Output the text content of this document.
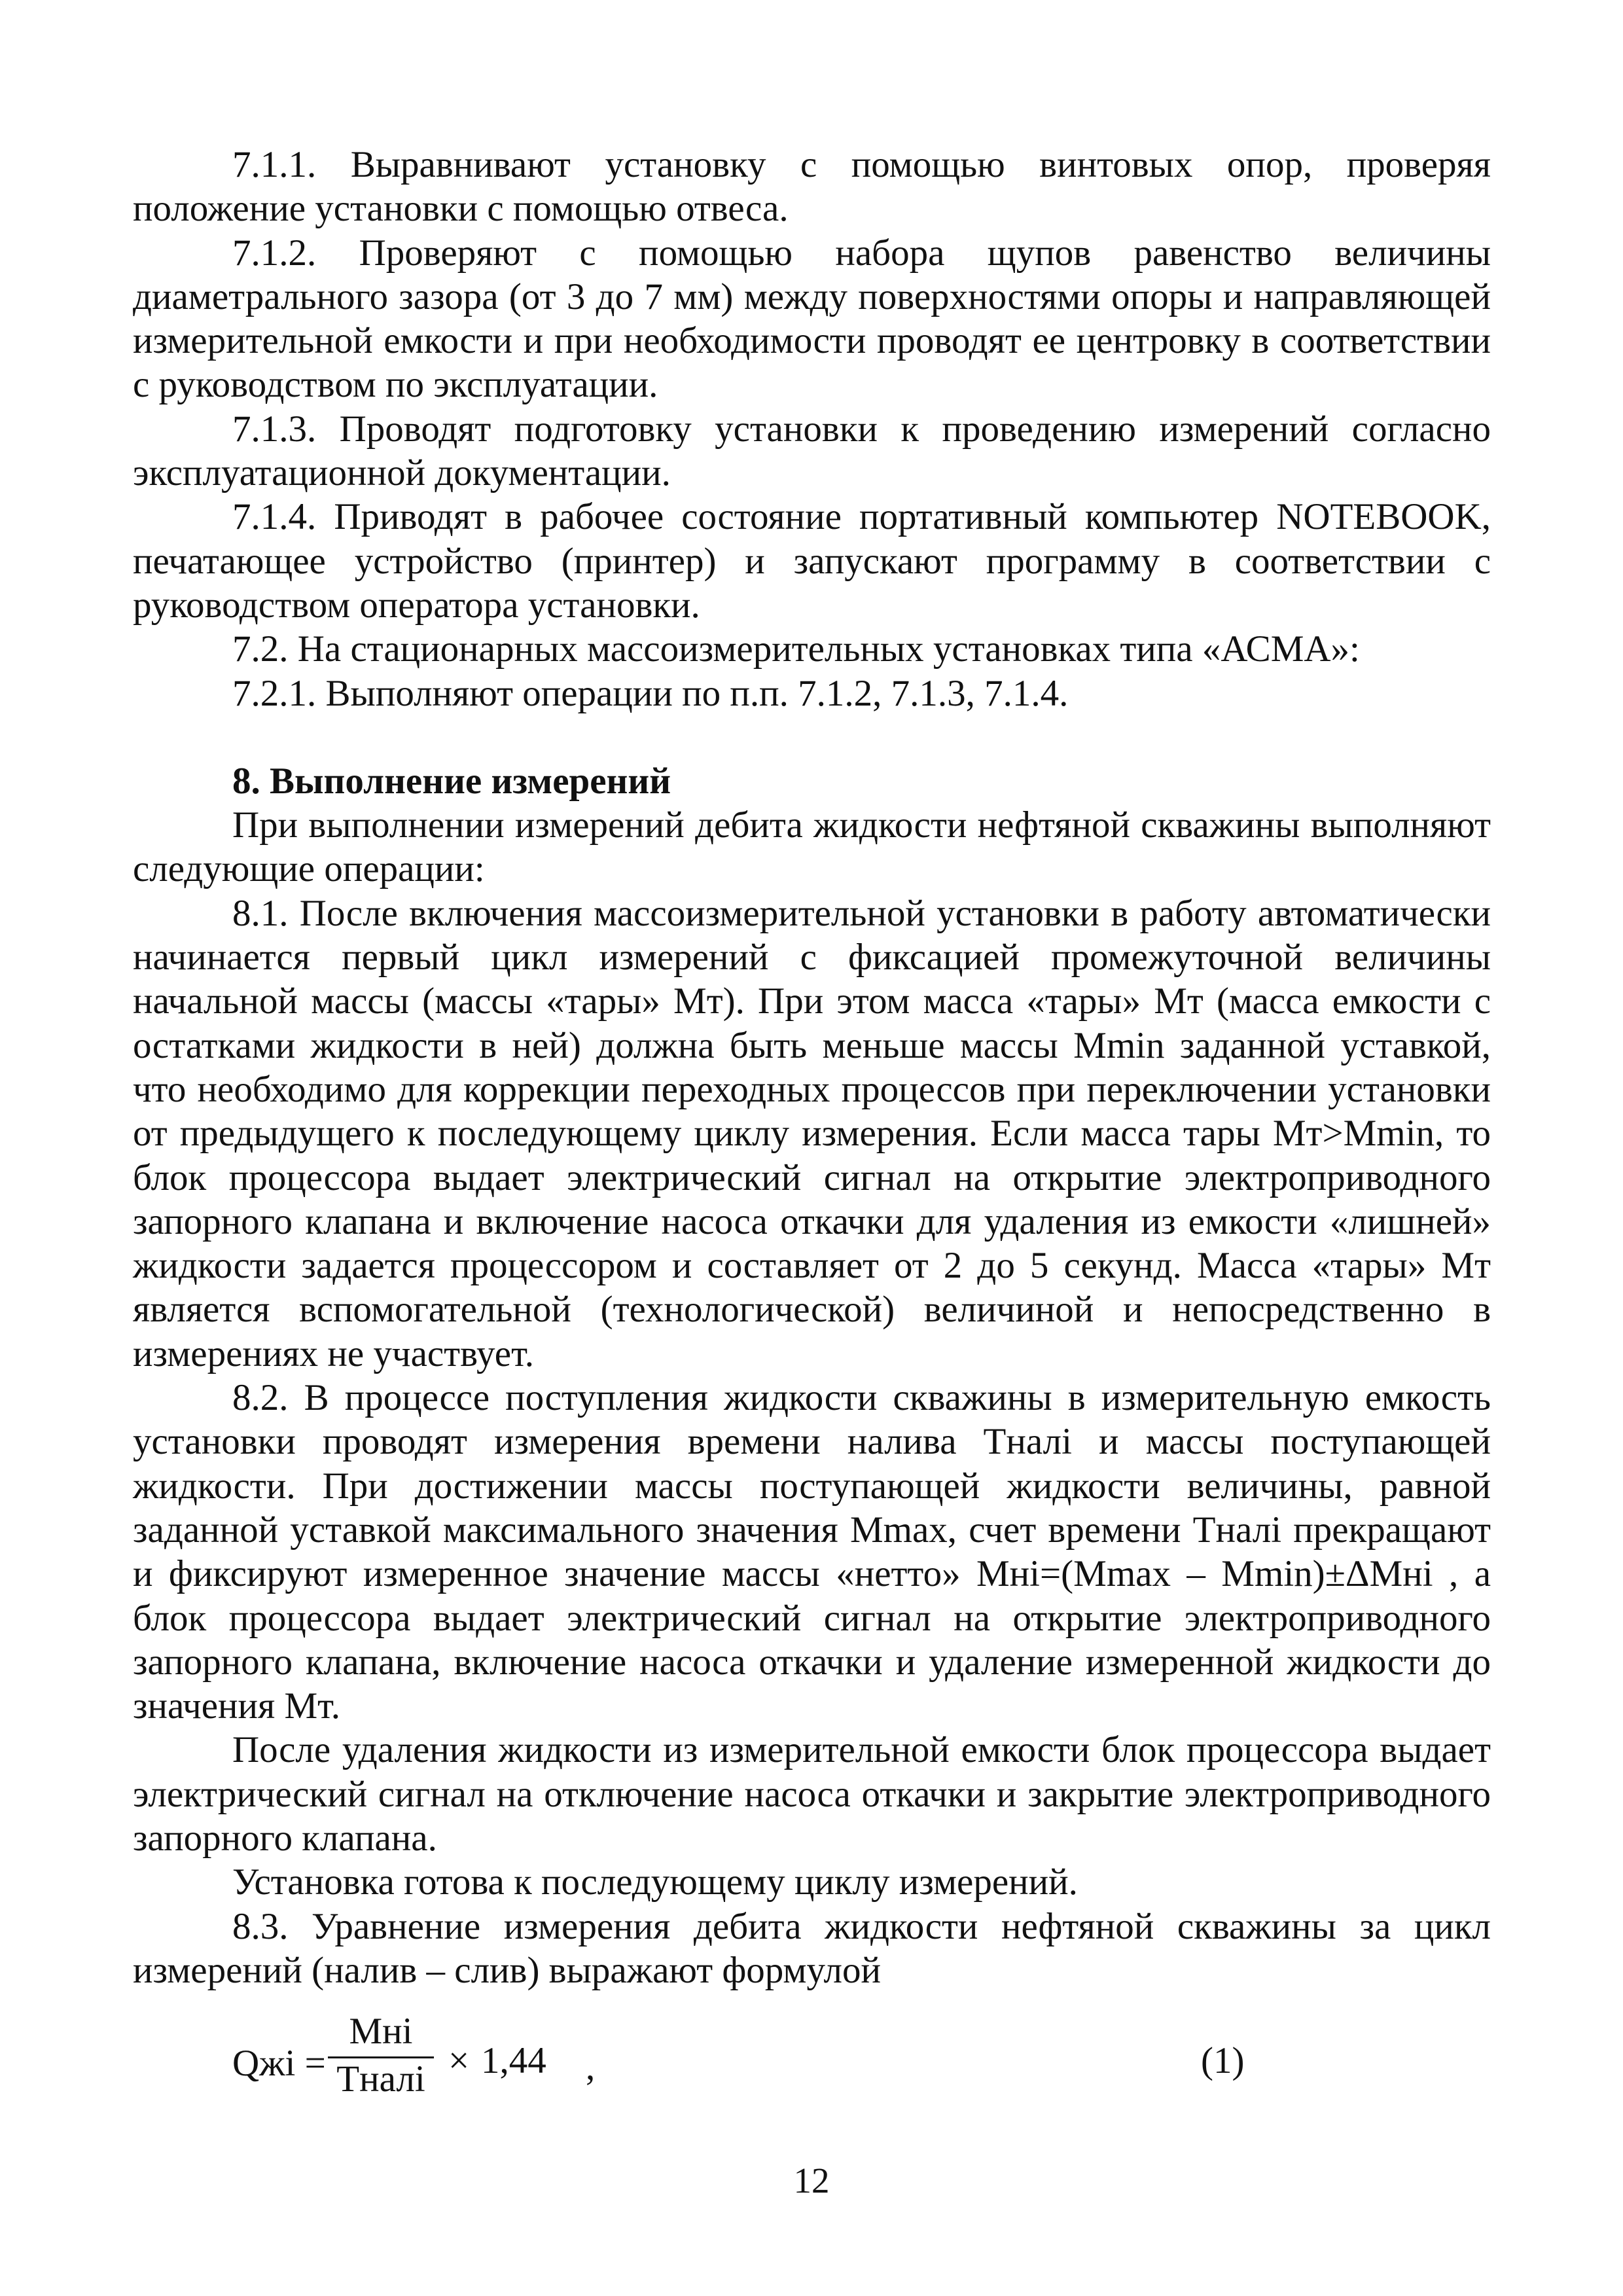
7.1.1. Выравнивают установку с помощью винтовых опор, проверяя положение установки с помощью отвеса.

7.1.2. Проверяют с помощью набора щупов равенство величины диаметрального зазора (от 3 до 7 мм) между поверхностями опоры и направляющей измерительной емкости и при необходимости проводят ее центровку в соответствии с руководством по эксплуатации.

7.1.3. Проводят подготовку установки к проведению измерений согласно эксплуатационной документации.

7.1.4. Приводят в рабочее состояние портативный компьютер NOTEBOOK, печатающее устройство (принтер) и запускают программу в соответствии с руководством оператора установки.

7.2. На стационарных массоизмерительных установках типа «АСМА»:

7.2.1. Выполняют операции по п.п. 7.1.2, 7.1.3, 7.1.4.

8. Выполнение измерений

При выполнении измерений дебита жидкости нефтяной скважины выполняют следующие операции:

8.1. После включения массоизмерительной установки в работу автоматически начинается первый цикл измерений с фиксацией промежуточной величины начальной массы (массы «тары» Мт). При этом масса «тары» Мт (масса емкости с остатками жидкости в ней) должна быть меньше массы Mmin заданной уставкой, что необходимо для коррекции переходных процессов при переключении установки от предыдущего к последующему циклу измерения. Если масса тары Мт>Mmin, то блок процессора выдает электрический сигнал на открытие электроприводного запорного клапана и включение насоса откачки для удаления из емкости «лишней» жидкости задается процессором и составляет от 2 до 5 секунд. Масса «тары» Мт является вспомогательной (технологической) величиной и непосредственно в измерениях не участвует.

8.2. В процессе поступления жидкости скважины в измерительную емкость установки проводят измерения времени налива Тналі и массы поступающей жидкости. При достижении массы поступающей жидкости величины, равной заданной уставкой максимального значения Mmax, счет времени Тналі прекращают и фиксируют измеренное значение массы «нетто» Мні=(Mmax – Mmin)±ΔМні , а блок процессора выдает электрический сигнал на открытие электроприводного запорного клапана, включение насоса откачки и удаление измеренной жидкости до значения Мт.

После удаления жидкости из измерительной емкости блок процессора выдает электрический сигнал на отключение насоса откачки и закрытие электроприводного запорного клапана.

Установка готова к последующему циклу измерений.

8.3. Уравнение измерения дебита жидкости нефтяной скважины за цикл измерений (налив – слив) выражают формулой

Qжі =
Мні
Тналі × 1,44 ,	(1)
12
